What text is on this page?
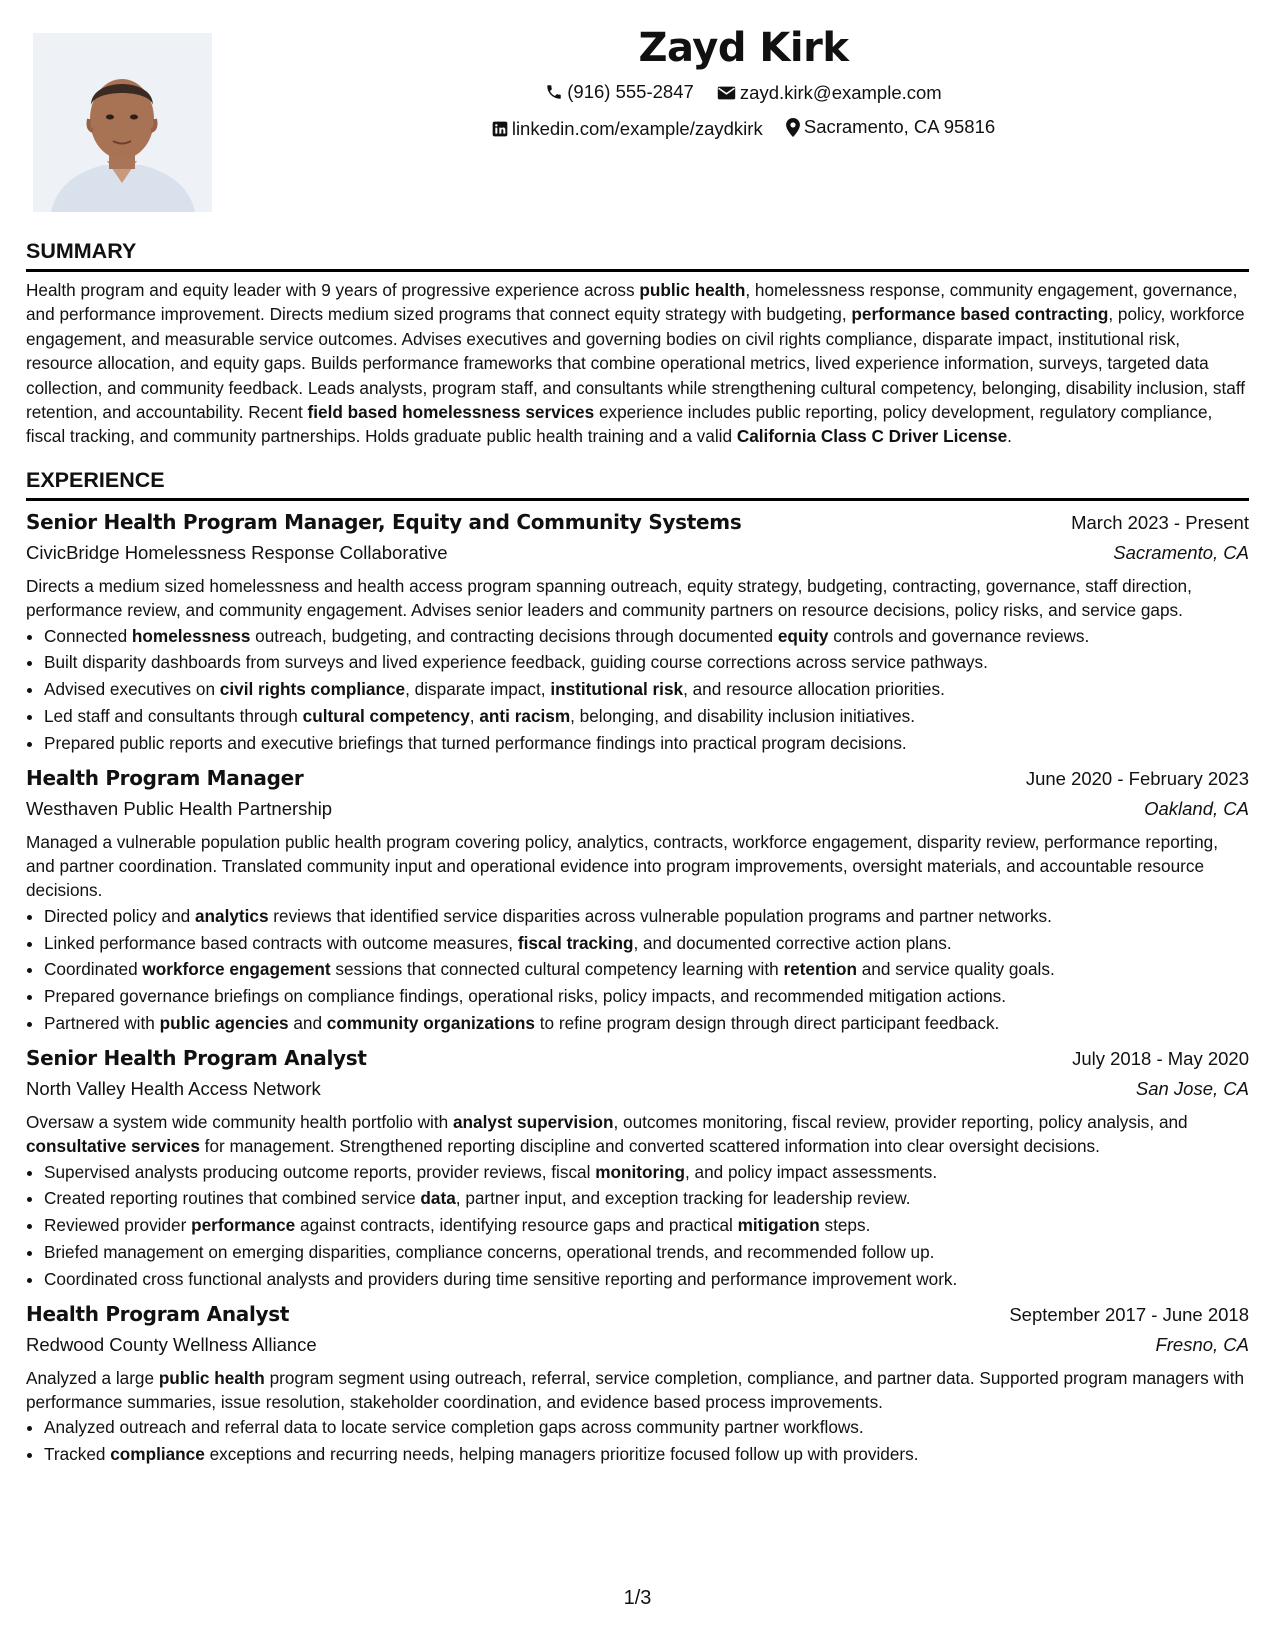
Zayd Kirk
(916) 555-2847
zayd.kirk@example.com
linkedin.com/example/zaydkirk
Sacramento, CA 95816
SUMMARY

Health program and equity leader with 9 years of progressive experience across public health, homelessness response, community engagement, governance, and performance improvement. Directs medium sized programs that connect equity strategy with budgeting, performance based contracting, policy, workforce engagement, and measurable service outcomes. Advises executives and governing bodies on civil rights compliance, disparate impact, institutional risk, resource allocation, and equity gaps. Builds performance frameworks that combine operational metrics, lived experience information, surveys, targeted data collection, and community feedback. Leads analysts, program staff, and consultants while strengthening cultural competency, belonging, disability inclusion, staff retention, and accountability. Recent field based homelessness services experience includes public reporting, policy development, regulatory compliance, fiscal tracking, and community partnerships. Holds graduate public health training and a valid California Class C Driver License.

EXPERIENCE
Senior Health Program Manager, Equity and Community Systems	March 2023 - Present
CivicBridge Homelessness Response Collaborative	Sacramento, CA

Directs a medium sized homelessness and health access program spanning outreach, equity strategy, budgeting, contracting, governance, staff direction, performance review, and community engagement. Advises senior leaders and community partners on resource decisions, policy risks, and service gaps.

• Connected homelessness outreach, budgeting, and contracting decisions through documented equity controls and governance reviews.
• Built disparity dashboards from surveys and lived experience feedback, guiding course corrections across service pathways.
• Advised executives on civil rights compliance, disparate impact, institutional risk, and resource allocation priorities.
• Led staff and consultants through cultural competency, anti racism, belonging, and disability inclusion initiatives.
• Prepared public reports and executive briefings that turned performance findings into practical program decisions.
Health Program Manager	June 2020 - February 2023
Westhaven Public Health Partnership	Oakland, CA

Managed a vulnerable population public health program covering policy, analytics, contracts, workforce engagement, disparity review, performance reporting, and partner coordination. Translated community input and operational evidence into program improvements, oversight materials, and accountable resource decisions.

• Directed policy and analytics reviews that identified service disparities across vulnerable population programs and partner networks.
• Linked performance based contracts with outcome measures, fiscal tracking, and documented corrective action plans.
• Coordinated workforce engagement sessions that connected cultural competency learning with retention and service quality goals.
• Prepared governance briefings on compliance findings, operational risks, policy impacts, and recommended mitigation actions.
• Partnered with public agencies and community organizations to refine program design through direct participant feedback.
Senior Health Program Analyst	July 2018 - May 2020
North Valley Health Access Network	San Jose, CA

Oversaw a system wide community health portfolio with analyst supervision, outcomes monitoring, fiscal review, provider reporting, policy analysis, and consultative services for management. Strengthened reporting discipline and converted scattered information into clear oversight decisions.

• Supervised analysts producing outcome reports, provider reviews, fiscal monitoring, and policy impact assessments.
• Created reporting routines that combined service data, partner input, and exception tracking for leadership review.
• Reviewed provider performance against contracts, identifying resource gaps and practical mitigation steps.
• Briefed management on emerging disparities, compliance concerns, operational trends, and recommended follow up.
• Coordinated cross functional analysts and providers during time sensitive reporting and performance improvement work.
Health Program Analyst	September 2017 - June 2018
Redwood County Wellness Alliance	Fresno, CA

Analyzed a large public health program segment using outreach, referral, service completion, compliance, and partner data. Supported program managers with performance summaries, issue resolution, stakeholder coordination, and evidence based process improvements.

• Analyzed outreach and referral data to locate service completion gaps across community partner workflows.
• Tracked compliance exceptions and recurring needs, helping managers prioritize focused follow up with providers.
1/3
